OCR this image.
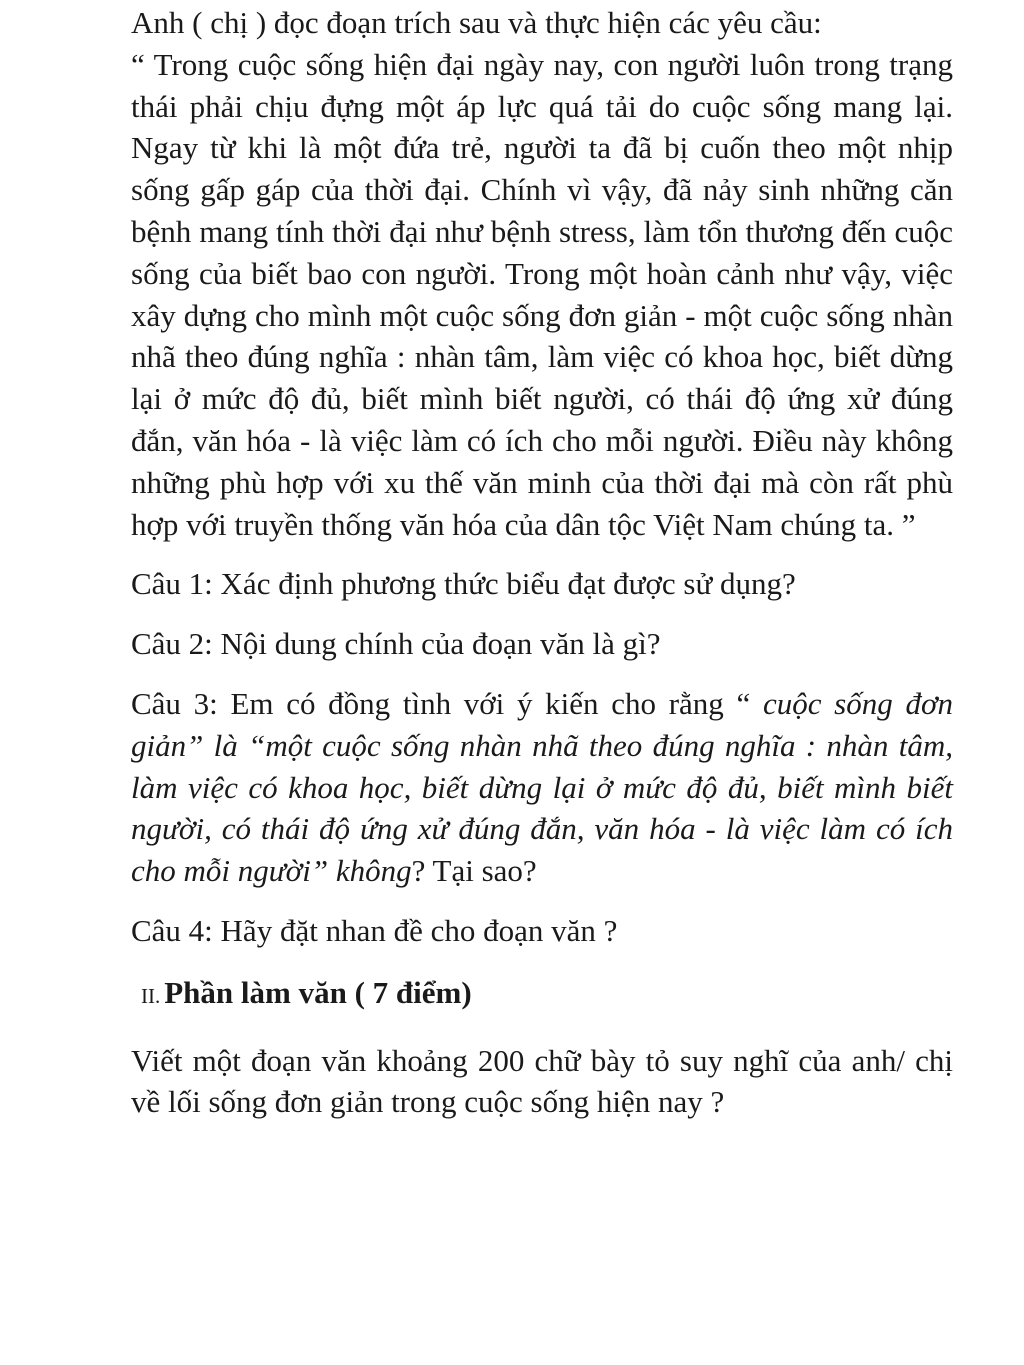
Anh ( chị ) đọc đoạn trích sau và thực hiện các yêu cầu:

“ Trong cuộc sống hiện đại ngày nay, con người luôn trong trạng thái phải chịu đựng một áp lực quá tải do cuộc sống mang lại. Ngay từ khi là một đứa trẻ, người ta đã bị cuốn theo một nhịp sống gấp gáp của thời đại. Chính vì vậy, đã nảy sinh những căn bệnh mang tính thời đại như bệnh stress, làm tổn thương đến cuộc sống của biết bao con người. Trong một hoàn cảnh như vậy, việc xây dựng cho mình một cuộc sống đơn giản - một cuộc sống nhàn nhã theo đúng nghĩa : nhàn tâm, làm việc có khoa học, biết dừng lại ở mức độ đủ, biết mình biết người, có thái độ ứng xử đúng đắn, văn hóa - là việc làm có ích cho mỗi người. Điều này không những phù hợp với xu thế văn minh của thời đại mà còn rất phù hợp với truyền thống văn hóa của dân tộc Việt Nam chúng ta. ”

Câu 1: Xác định phương thức biểu đạt được sử dụng?

Câu 2: Nội dung chính của đoạn văn là gì?

Câu 3: Em có đồng tình với ý kiến cho rằng “ cuộc sống đơn giản” là “một cuộc sống nhàn nhã theo đúng nghĩa : nhàn tâm, làm việc có khoa học, biết dừng lại ở mức độ đủ, biết mình biết người, có thái độ ứng xử đúng đắn, văn hóa - là việc làm có ích cho mỗi người” không? Tại sao?

Câu 4: Hãy đặt nhan đề cho đoạn văn ?

II. Phần làm văn ( 7 điểm)

Viết một đoạn văn khoảng 200 chữ bày tỏ suy nghĩ của anh/ chị về lối sống đơn giản trong cuộc sống hiện nay ?
